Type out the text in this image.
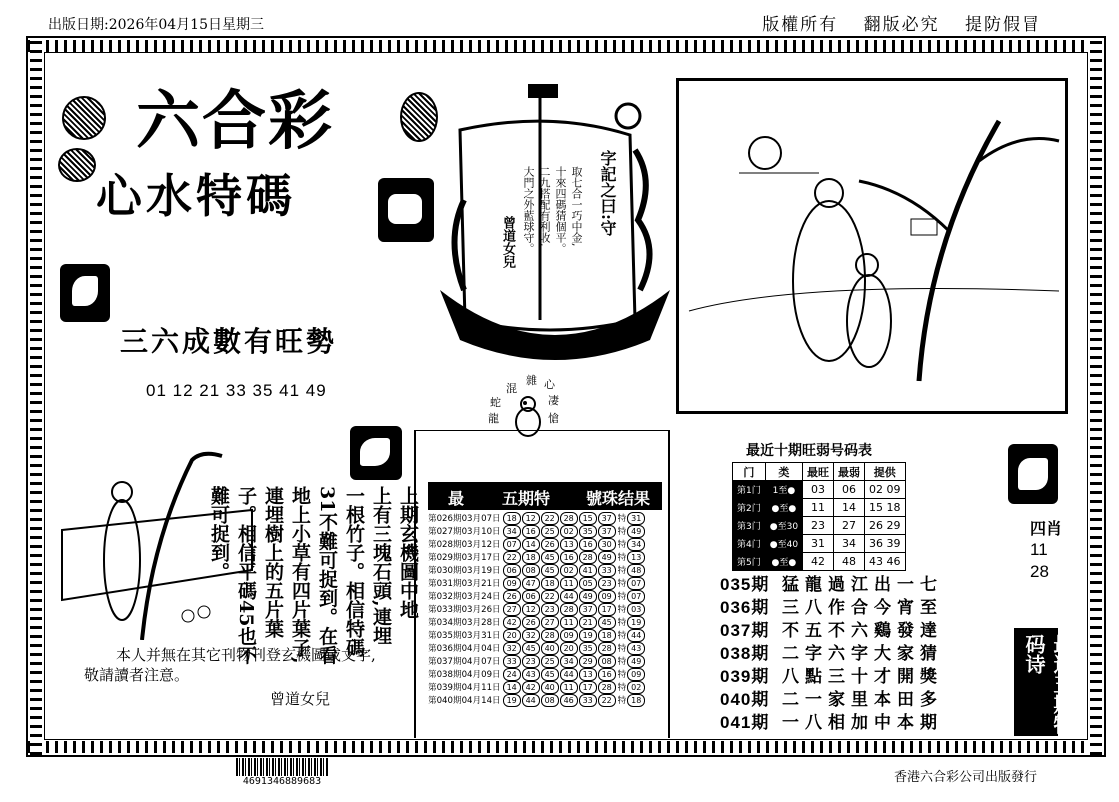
出版日期:2026年04月15日星期三	版權所有 翻版必究 提防假冒
六合彩
心水特碼
三六成數有旺勢
01 12 21 33 35 41 49
字記之曰:守
取七合一巧中金,
十來四碼猜個平。
二九搭配有利收,
大門之外藍球守。
曾道女兒
雜 心
混
凄
蛇
愴
龍
上期玄機圖中地
上有三塊石頭,連埋
一根竹子。相信特碼
31不難可捉到。在看
地上小草有四片葉子,
連埋樹上的五片葉
子。相信平碼45也不
難可捉到。
本人并無在其它刊物刊登玄機圖或文字,
敬請讀者注意。
曾道女兒
最 五期特 號珠结果
第026期03月07日	18 12 22 28 15 37 特 31
第027期03月10日	34 16 25 02 35 37 特 49
第028期03月12日	07 14 26 13 16 30 特 34
第029期03月17日	22 18 45 16 28 49 特 13
第030期03月19日	06 08 45 02 41 33 特 48
第031期03月21日	09 47 18 11 05 23 特 07
第032期03月24日	26 06 22 44 49 09 特 07
第033期03月26日	27 12 23 28 37 17 特 03
第034期03月28日	42 26 27 11 21 45 特 19
第035期03月31日	20 32 28 09 19 18 特 44
第036期04月04日	32 45 40 20 35 28 特 43
第037期04月07日	33 23 25 34 29 08 特 49
第038期04月09日	24 43 45 44 13 16 特 09
第039期04月11日	14 42 40 11 17 28 特 02
第040期04月14日	19 44 08 46 33 22 特 18
最近十期旺弱号码表
门	类	最旺	最弱	提供
第1门	1至●	03	06	02 09
第2门	●至●	11	14	15 18
第3门	●至30	23	27	26 29
第4门	●至40	31	34	36 39
第5门	●至●	42	48	43 46
035期 猛龍過江出一七
036期 三八作合今宵至
037期 不五不六鷄發達
038期 二字六字大家猜
039期 八點三十才開獎
040期 二一家里本田多
041期 一八相加中本期
四肖
11
28
最近五期特码诗
4691346889683	香港六合彩公司出版發行
